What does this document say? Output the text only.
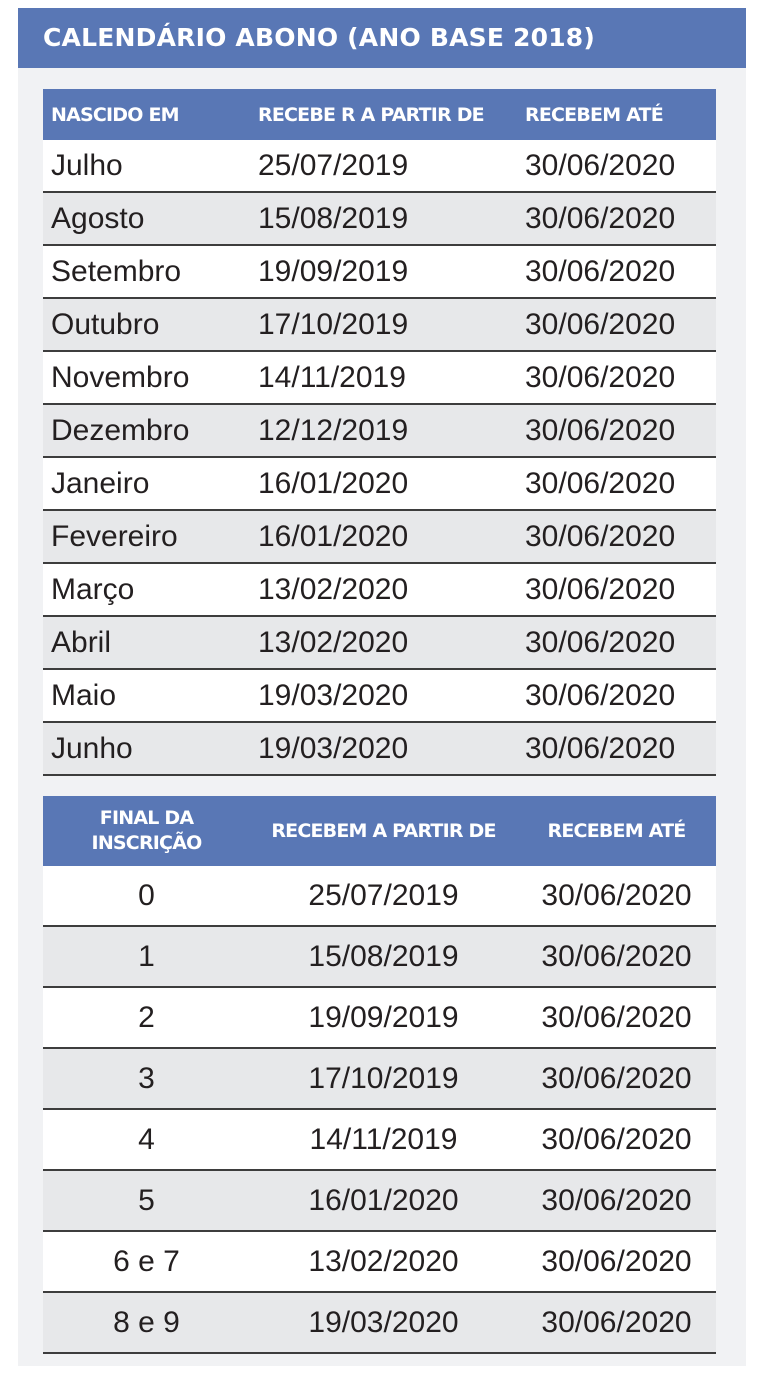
CALENDÁRIO ABONO (ANO BASE 2018)
NASCIDO EM	RECEBE R A PARTIR DE	RECEBEM ATÉ
Julho	25/07/2019	30/06/2020
Agosto	15/08/2019	30/06/2020
Setembro	19/09/2019	30/06/2020
Outubro	17/10/2019	30/06/2020
Novembro	14/11/2019	30/06/2020
Dezembro	12/12/2019	30/06/2020
Janeiro	16/01/2020	30/06/2020
Fevereiro	16/01/2020	30/06/2020
Março	13/02/2020	30/06/2020
Abril	13/02/2020	30/06/2020
Maio	19/03/2020	30/06/2020
Junho	19/03/2020	30/06/2020
FINAL DA INSCRIÇÃO	RECEBEM A PARTIR DE	RECEBEM ATÉ
0	25/07/2019	30/06/2020
1	15/08/2019	30/06/2020
2	19/09/2019	30/06/2020
3	17/10/2019	30/06/2020
4	14/11/2019	30/06/2020
5	16/01/2020	30/06/2020
6 e 7	13/02/2020	30/06/2020
8 e 9	19/03/2020	30/06/2020
